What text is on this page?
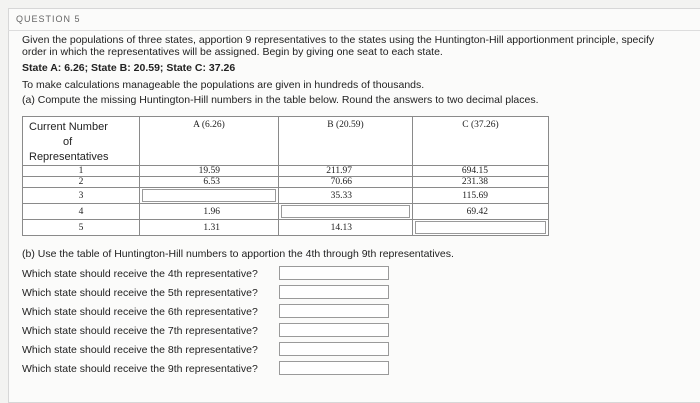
QUESTION 5
Given the populations of three states, apportion 9 representatives to the states using the Huntington-Hill apportionment principle, specify
order in which the representatives will be assigned. Begin by giving one seat to each state.
State A: 6.26; State B: 20.59; State C: 37.26
To make calculations manageable the populations are given in hundreds of thousands.
(a) Compute the missing Huntington-Hill numbers in the table below. Round the answers to two decimal places.
Current Number
of
Representatives	A (6.26)	B (20.59)	C (37.26)
1	19.59	211.97	694.15
2	6.53	70.66	231.38
3		35.33	115.69
4	1.96		69.42
5	1.31	14.13	
(b) Use the table of Huntington-Hill numbers to apportion the 4th through 9th representatives.
Which state should receive the 4th representative?
Which state should receive the 5th representative?
Which state should receive the 6th representative?
Which state should receive the 7th representative?
Which state should receive the 8th representative?
Which state should receive the 9th representative?
